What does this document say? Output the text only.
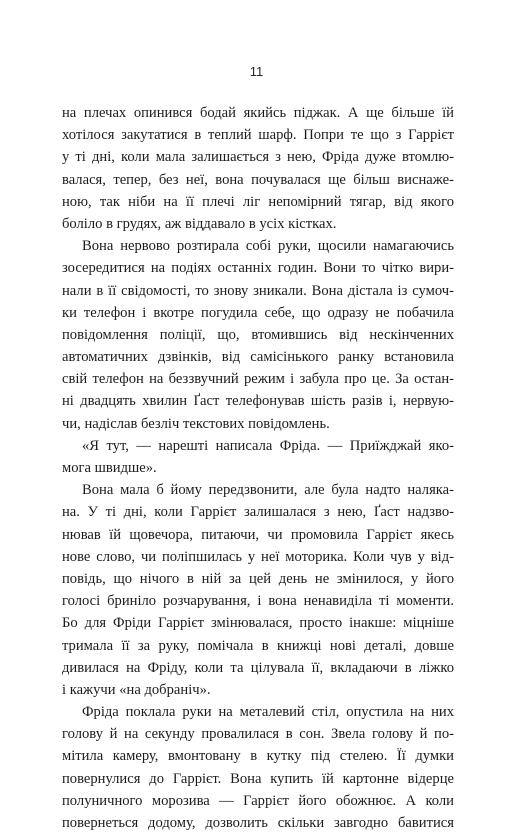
11
на плечах опинився бодай якийсь піджак. А ще більше їй
хотілося закутатися в теплий шарф. Попри те що з Гаррієт
у ті дні, коли мала залишається з нею, Фріда дуже втомлю-
валася, тепер, без неї, вона почувалася ще більш виснаже-
ною, так ніби на її плечі ліг непомірний тягар, від якого
боліло в грудях, аж віддавало в усіх кістках.
Вона нервово розтирала собі руки, щосили намагаючись
зосередитися на подіях останніх годин. Вони то чітко вири-
нали в її свідомості, то знову зникали. Вона дістала із сумоч-
ки телефон і вкотре погудила себе, що одразу не побачила
повідомлення поліції, що, втомившись від нескінченних
автоматичних дзвінків, від самісінького ранку встановила
свій телефон на беззвучний режим і забула про це. За остан-
ні двадцять хвилин Ґаст телефонував шість разів і, нервую-
чи, надіслав безліч текстових повідомлень.
«Я тут, — нарешті написала Фріда. — Приїжджай яко-
мога швидше».
Вона мала б йому передзвонити, але була надто наляка-
на. У ті дні, коли Гаррієт залишалася з нею, Ґаст надзво-
нював їй щовечора, питаючи, чи промовила Гаррієт якесь
нове слово, чи поліпшилась у неї моторика. Коли чув у від-
повідь, що нічого в ній за цей день не змінилося, у його
голосі бриніло розчарування, і вона ненавиділа ті моменти.
Бо для Фріди Гаррієт змінювалася, просто інакше: міцніше
тримала її за руку, помічала в книжці нові деталі, довше
дивилася на Фріду, коли та цілувала її, вкладаючи в ліжко
і кажучи «на добраніч».
Фріда поклала руки на металевий стіл, опустила на них
голову й на секунду провалилася в сон. Звела голову й по-
мітила камеру, вмонтовану в кутку під стелею. Її думки
повернулися до Гаррієт. Вона купить їй картонне відерце
полуничного морозива — Гаррієт його обожнює. А коли
повернеться додому, дозволить скільки завгодно бавитися
